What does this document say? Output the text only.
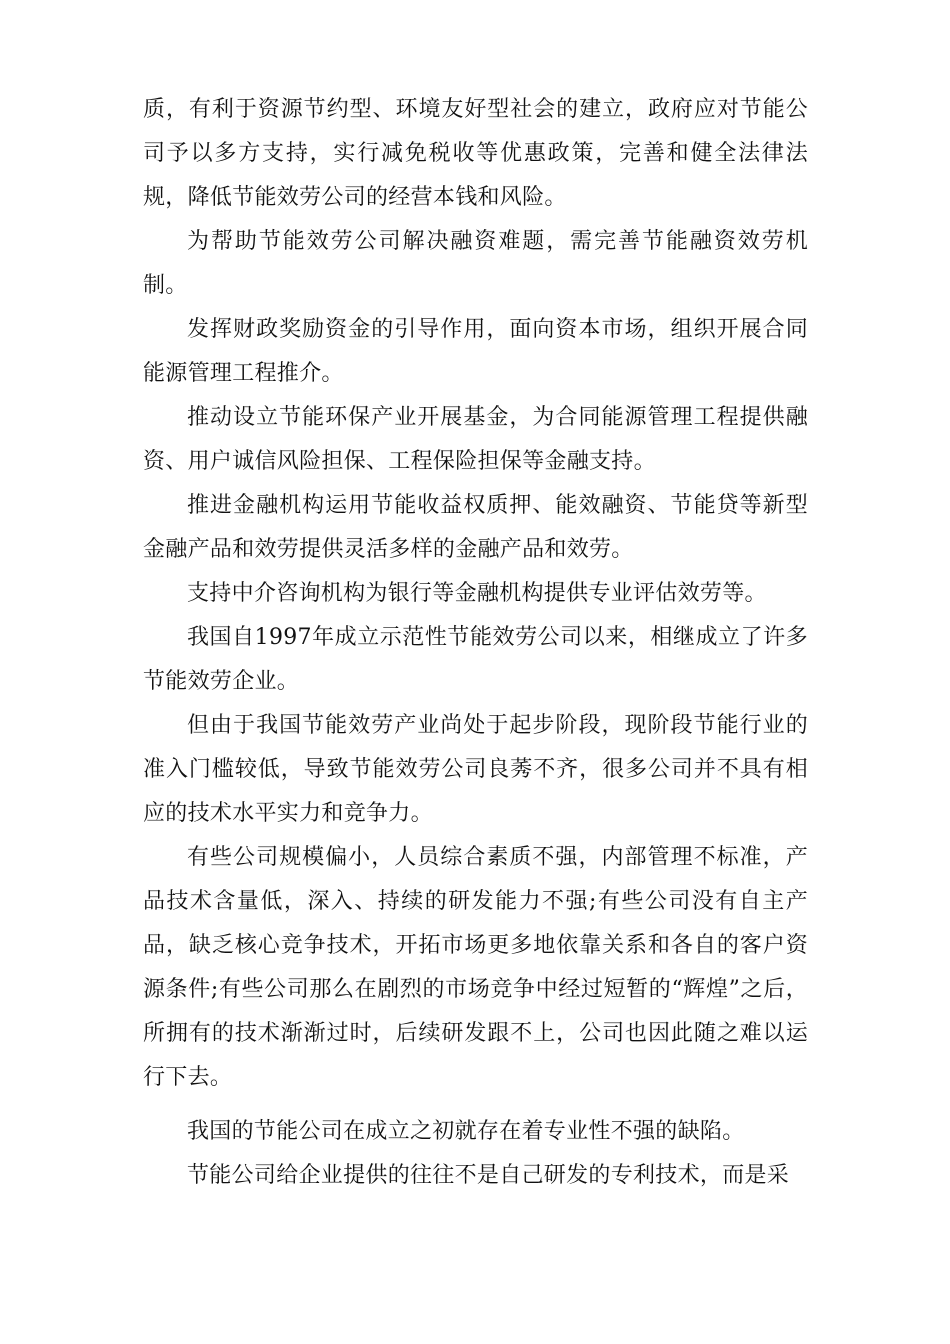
质，有利于资源节约型、环境友好型社会的建立，政府应对节能公司予以多方支持，实行减免税收等优惠政策，完善和健全法律法规，降低节能效劳公司的经营本钱和风险。

为帮助节能效劳公司解决融资难题，需完善节能融资效劳机制。

发挥财政奖励资金的引导作用，面向资本市场，组织开展合同能源管理工程推介。

推动设立节能环保产业开展基金，为合同能源管理工程提供融资、用户诚信风险担保、工程保险担保等金融支持。

推进金融机构运用节能收益权质押、能效融资、节能贷等新型金融产品和效劳提供灵活多样的金融产品和效劳。

支持中介咨询机构为银行等金融机构提供专业评估效劳等。

我国自1997年成立示范性节能效劳公司以来，相继成立了许多节能效劳企业。

但由于我国节能效劳产业尚处于起步阶段，现阶段节能行业的准入门槛较低，导致节能效劳公司良莠不齐，很多公司并不具有相应的技术水平实力和竞争力。

有些公司规模偏小，人员综合素质不强，内部管理不标准，产品技术含量低，深入、持续的研发能力不强;有些公司没有自主产品，缺乏核心竞争技术，开拓市场更多地依靠关系和各自的客户资源条件;有些公司那么在剧烈的市场竞争中经过短暂的“辉煌”之后，所拥有的技术渐渐过时，后续研发跟不上，公司也因此随之难以运行下去。

我国的节能公司在成立之初就存在着专业性不强的缺陷。

节能公司给企业提供的往往不是自己研发的专利技术，而是采
